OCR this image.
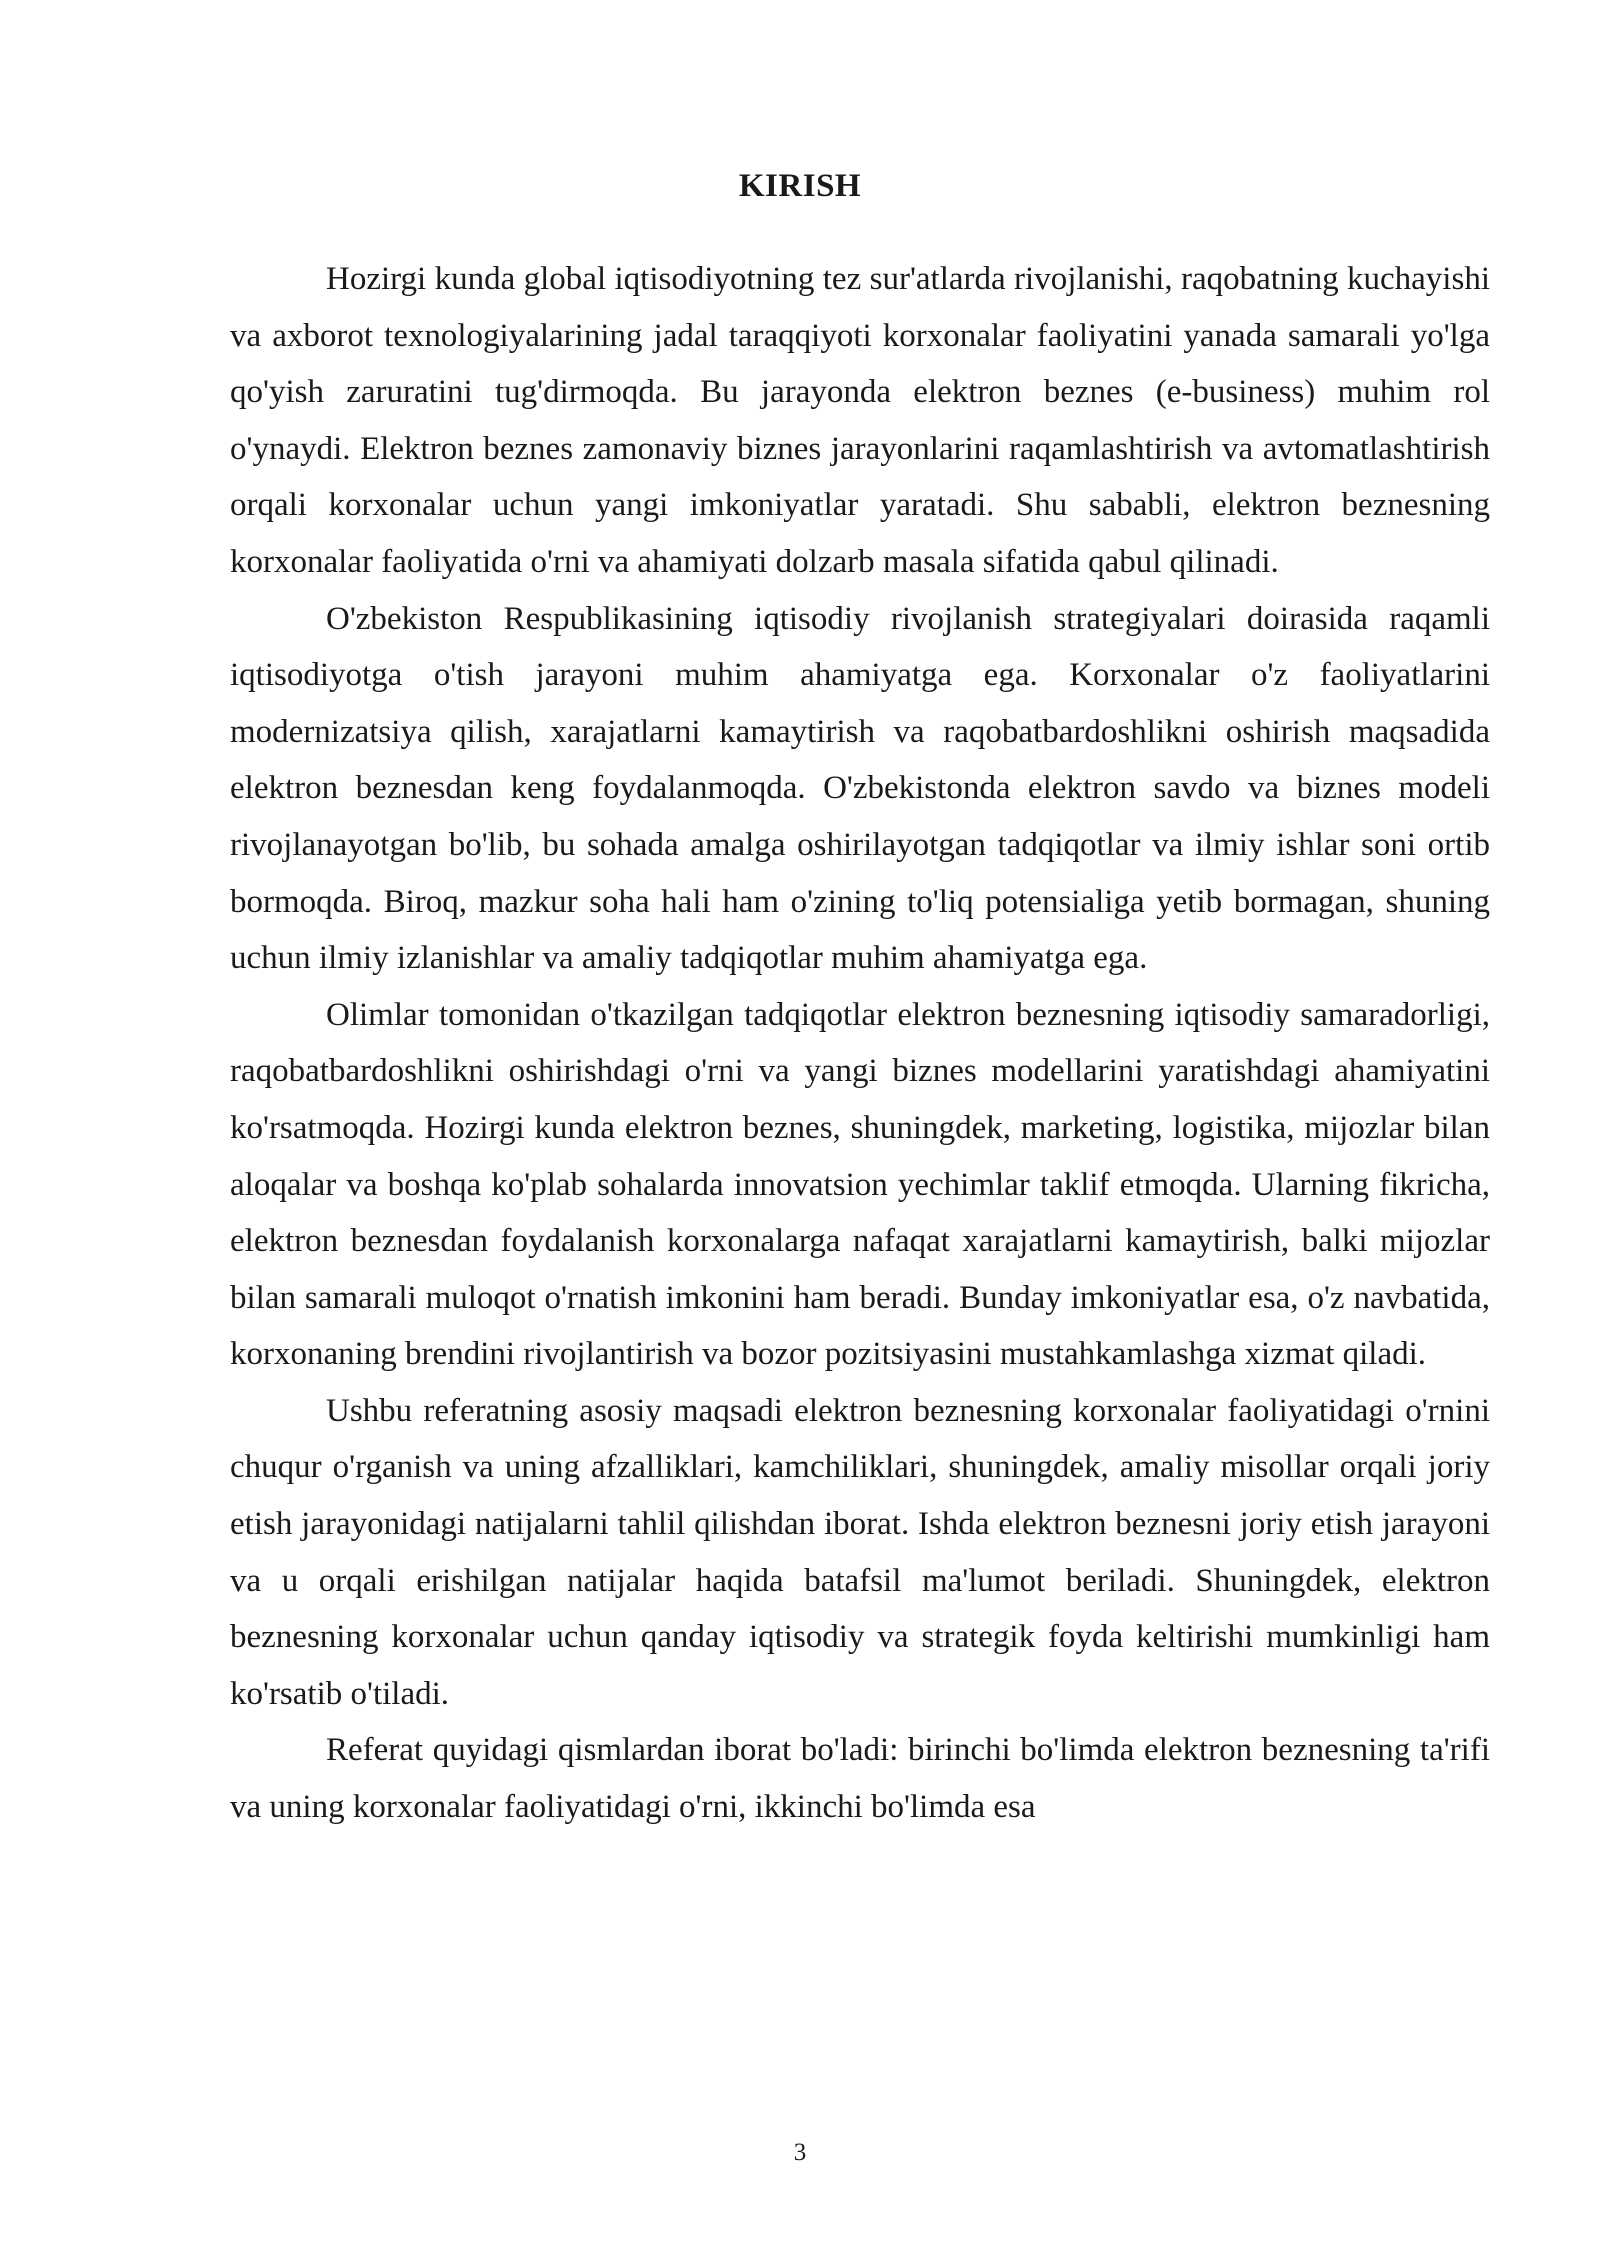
KIRISH

Hozirgi kunda global iqtisodiyotning tez sur'atlarda rivojlanishi, raqobatning kuchayishi va axborot texnologiyalarining jadal taraqqiyoti korxonalar faoliyatini yanada samarali yo'lga qo'yish zaruratini tug'dirmoqda. Bu jarayonda elektron beznes (e-business) muhim rol o'ynaydi. Elektron beznes zamonaviy biznes jarayonlarini raqamlashtirish va avtomatlashtirish orqali korxonalar uchun yangi imkoniyatlar yaratadi. Shu sababli, elektron beznesning korxonalar faoliyatida o'rni va ahamiyati dolzarb masala sifatida qabul qilinadi.

O'zbekiston Respublikasining iqtisodiy rivojlanish strategiyalari doirasida raqamli iqtisodiyotga o'tish jarayoni muhim ahamiyatga ega. Korxonalar o'z faoliyatlarini modernizatsiya qilish, xarajatlarni kamaytirish va raqobatbardoshlikni oshirish maqsadida elektron beznesdan keng foydalanmoqda. O'zbekistonda elektron savdo va biznes modeli rivojlanayotgan bo'lib, bu sohada amalga oshirilayotgan tadqiqotlar va ilmiy ishlar soni ortib bormoqda. Biroq, mazkur soha hali ham o'zining to'liq potensialiga yetib bormagan, shuning uchun ilmiy izlanishlar va amaliy tadqiqotlar muhim ahamiyatga ega.

Olimlar tomonidan o'tkazilgan tadqiqotlar elektron beznesning iqtisodiy samaradorligi, raqobatbardoshlikni oshirishdagi o'rni va yangi biznes modellarini yaratishdagi ahamiyatini ko'rsatmoqda. Hozirgi kunda elektron beznes, shuningdek, marketing, logistika, mijozlar bilan aloqalar va boshqa ko'plab sohalarda innovatsion yechimlar taklif etmoqda. Ularning fikricha, elektron beznesdan foydalanish korxonalarga nafaqat xarajatlarni kamaytirish, balki mijozlar bilan samarali muloqot o'rnatish imkonini ham beradi. Bunday imkoniyatlar esa, o'z navbatida, korxonaning brendini rivojlantirish va bozor pozitsiyasini mustahkamlashga xizmat qiladi.

Ushbu referatning asosiy maqsadi elektron beznesning korxonalar faoliyatidagi o'rnini chuqur o'rganish va uning afzalliklari, kamchiliklari, shuningdek, amaliy misollar orqali joriy etish jarayonidagi natijalarni tahlil qilishdan iborat. Ishda elektron beznesni joriy etish jarayoni va u orqali erishilgan natijalar haqida batafsil ma'lumot beriladi. Shuningdek, elektron beznesning korxonalar uchun qanday iqtisodiy va strategik foyda keltirishi mumkinligi ham ko'rsatib o'tiladi.

Referat quyidagi qismlardan iborat bo'ladi: birinchi bo'limda elektron beznesning ta'rifi va uning korxonalar faoliyatidagi o'rni, ikkinchi bo'limda esa

3
